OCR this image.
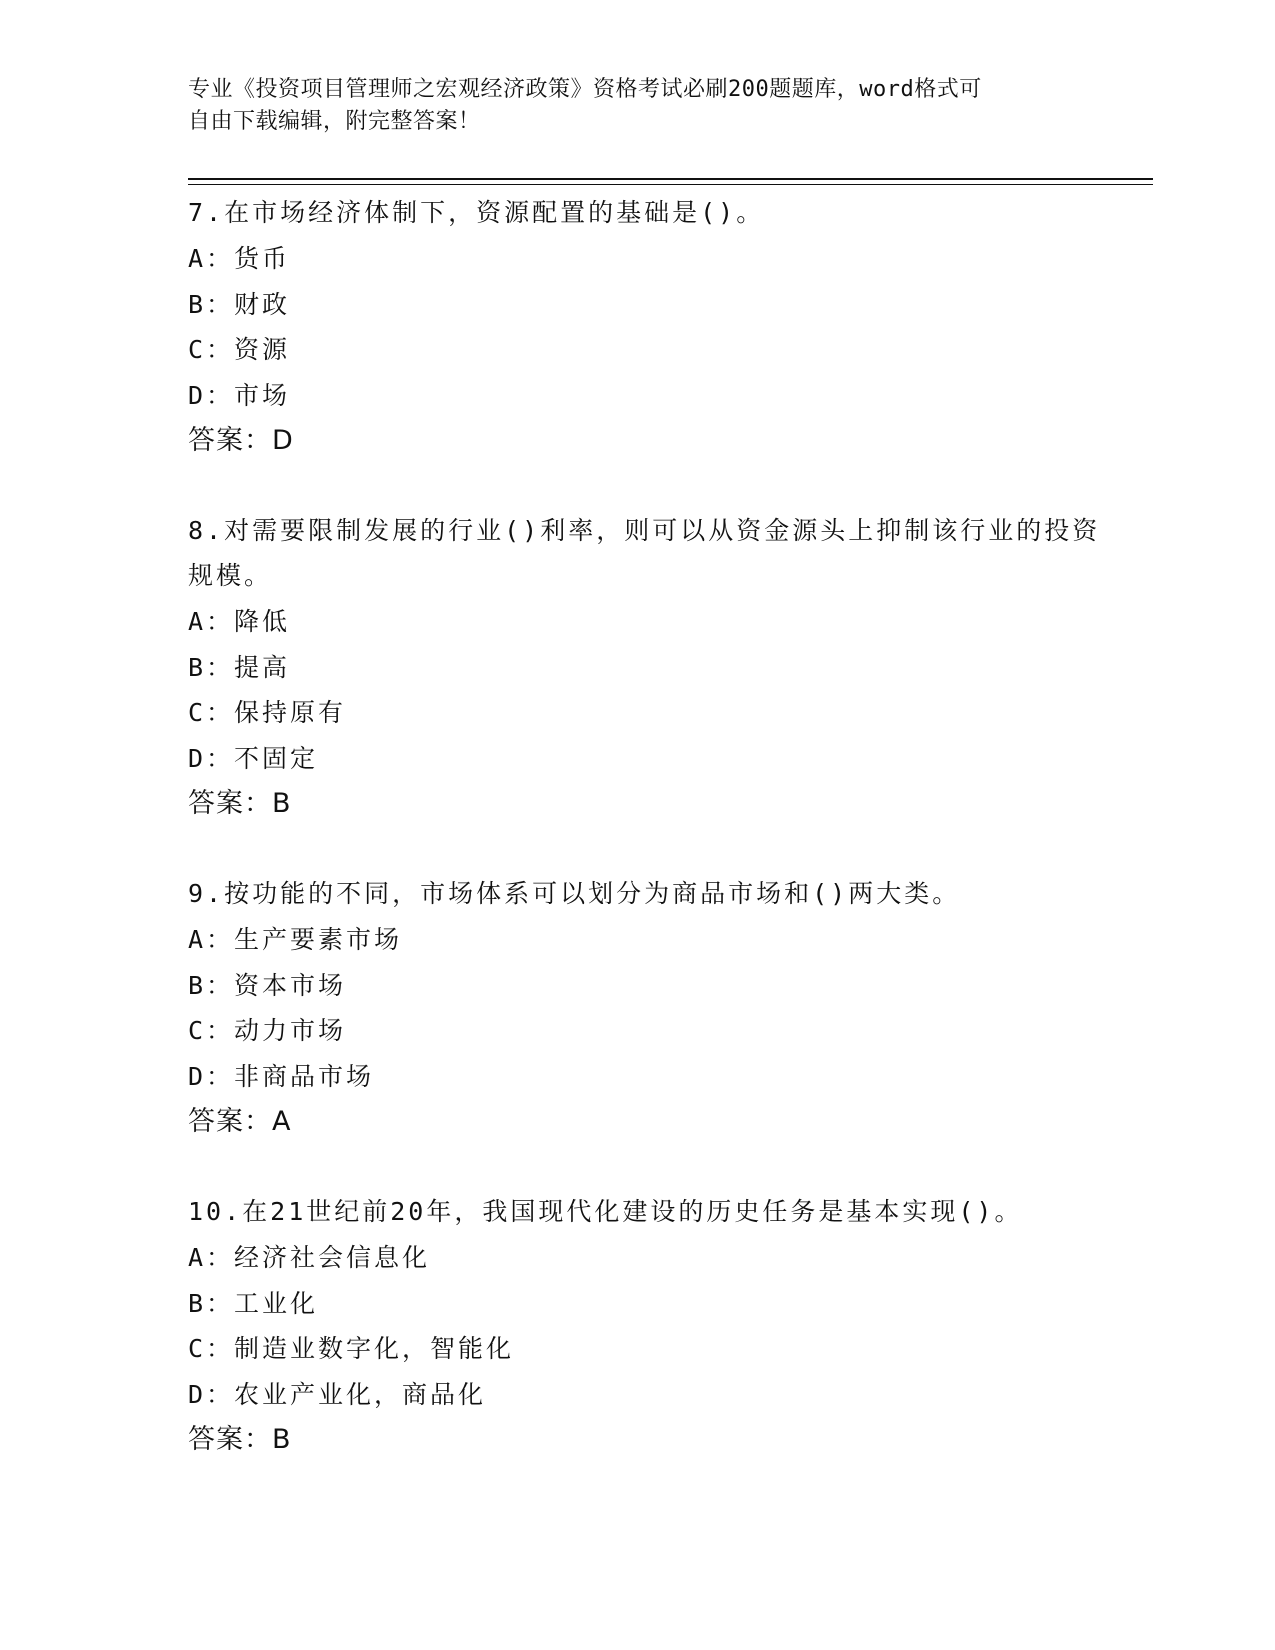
专业《投资项目管理师之宏观经济政策》资格考试必刷200题题库，word格式可
自由下载编辑，附完整答案！
7.在市场经济体制下，资源配置的基础是()。
A：货币
B：财政
C：资源
D：市场
答案：D
8.对需要限制发展的行业()利率，则可以从资金源头上抑制该行业的投资规模。
A：降低
B：提高
C：保持原有
D：不固定
答案：B
9.按功能的不同，市场体系可以划分为商品市场和()两大类。
A：生产要素市场
B：资本市场
C：动力市场
D：非商品市场
答案：A
10.在21世纪前20年，我国现代化建设的历史任务是基本实现()。
A：经济社会信息化
B：工业化
C：制造业数字化，智能化
D：农业产业化，商品化
答案：B
